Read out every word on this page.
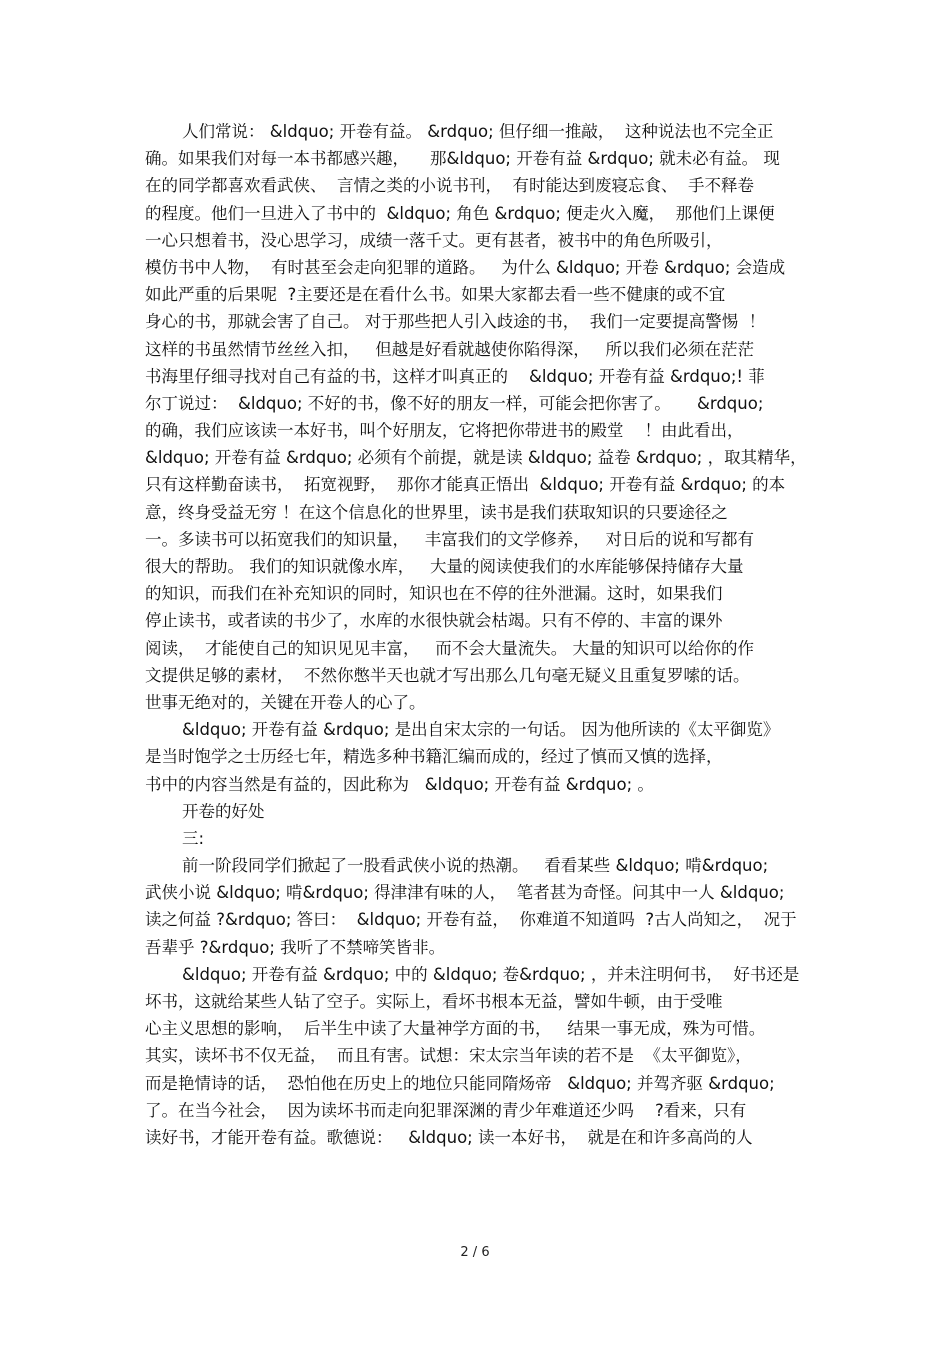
人们常说： &ldquo; 开卷有益。 &rdquo; 但仔细一推敲，  这种说法也不完全正
确。如果我们对每一本书都感兴趣，    那&ldquo; 开卷有益 &rdquo; 就未必有益。 现
在的同学都喜欢看武侠、  言情之类的小说书刊，  有时能达到废寝忘食、  手不释卷
的程度。他们一旦进入了书中的  &ldquo; 角色 &rdquo; 便走火入魔，  那他们上课便
一心只想着书，没心思学习，成绩一落千丈。更有甚者，被书中的角色所吸引，
模仿书中人物，  有时甚至会走向犯罪的道路。   为什么 &ldquo; 开卷 &rdquo; 会造成
如此严重的后果呢  ?主要还是在看什么书。如果大家都去看一些不健康的或不宜
身心的书，那就会害了自己。 对于那些把人引入歧途的书，  我们一定要提高警惕  ！
这样的书虽然情节丝丝入扣，   但越是好看就越使你陷得深，   所以我们必须在茫茫
书海里仔细寻找对自己有益的书，这样才叫真正的    &ldquo; 开卷有益 &rdquo;! 菲
尔丁说过：  &ldquo; 不好的书，像不好的朋友一样，可能会把你害了。     &rdquo;
的确，我们应该读一本好书，叫个好朋友，它将把你带进书的殿堂    ！由此看出，
&ldquo; 开卷有益 &rdquo; 必须有个前提，就是读 &ldquo; 益卷 &rdquo; ，取其精华，
只有这样勤奋读书，  拓宽视野，  那你才能真正悟出  &ldquo; 开卷有益 &rdquo; 的本
意，终身受益无穷 ！在这个信息化的世界里，读书是我们获取知识的只要途径之
一。多读书可以拓宽我们的知识量，   丰富我们的文学修养，   对日后的说和写都有
很大的帮助。 我们的知识就像水库，   大量的阅读使我们的水库能够保持储存大量
的知识，而我们在补充知识的同时，知识也在不停的往外泄漏。这时，如果我们
停止读书，或者读的书少了，水库的水很快就会枯竭。只有不停的、丰富的课外
阅读，  才能使自己的知识见见丰富，   而不会大量流失。 大量的知识可以给你的作
文提供足够的素材，  不然你憋半天也就才写出那么几句毫无疑义且重复罗嗦的话。
世事无绝对的，关键在开卷人的心了。
&ldquo; 开卷有益 &rdquo; 是出自宋太宗的一句话。 因为他所读的《太平御览》
是当时饱学之士历经七年，精选多种书籍汇编而成的，经过了慎而又慎的选择，
书中的内容当然是有益的，因此称为   &ldquo; 开卷有益 &rdquo; 。
开卷的好处
三:
前一阶段同学们掀起了一股看武侠小说的热潮。   看看某些 &ldquo; 啃&rdquo;
武侠小说 &ldquo; 啃&rdquo; 得津津有味的人，  笔者甚为奇怪。问其中一人 &ldquo;
读之何益 ?&rdquo; 答曰：  &ldquo; 开卷有益，  你难道不知道吗  ?古人尚知之，  况于
吾辈乎 ?&rdquo; 我听了不禁啼笑皆非。
&ldquo; 开卷有益 &rdquo; 中的 &ldquo; 卷&rdquo; ，并未注明何书，  好书还是
坏书，这就给某些人钻了空子。实际上，看坏书根本无益，譬如牛顿，由于受唯
心主义思想的影响，  后半生中读了大量神学方面的书，   结果一事无成，殊为可惜。
其实，读坏书不仅无益，  而且有害。试想：宋太宗当年读的若不是  《太平御览》，
而是艳情诗的话，  恐怕他在历史上的地位只能同隋炀帝   &ldquo; 并驾齐驱 &rdquo;
了。在当今社会，  因为读坏书而走向犯罪深渊的青少年难道还少吗    ?看来，只有
读好书，才能开卷有益。歌德说：   &ldquo; 读一本好书，  就是在和许多高尚的人
2 / 6
